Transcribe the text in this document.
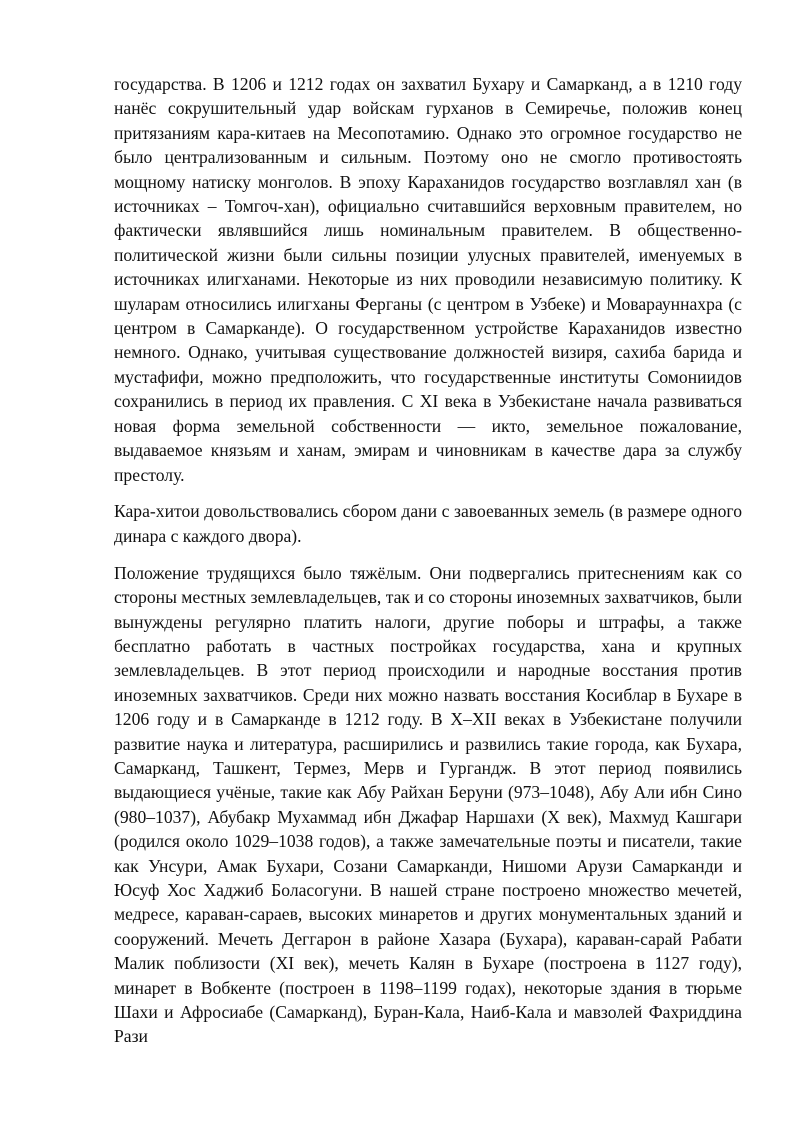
государства. В 1206 и 1212 годах он захватил Бухару и Самарканд, а в 1210 году нанёс сокрушительный удар войскам гурханов в Семиречье, положив конец притязаниям кара-китаев на Месопотамию. Однако это огромное государство не было централизованным и сильным. Поэтому оно не смогло противостоять мощному натиску монголов. В эпоху Караханидов государство возглавлял хан (в источниках – Томгоч-хан), официально считавшийся верховным правителем, но фактически являвшийся лишь номинальным правителем. В общественно-политической жизни были сильны позиции улусных правителей, именуемых в источниках илигханами. Некоторые из них проводили независимую политику. К шуларам относились илигханы Ферганы (с центром в Узбеке) и Моварауннахра (с центром в Самарканде). О государственном устройстве Караханидов известно немного. Однако, учитывая существование должностей визиря, сахиба барида и мустафифи, можно предположить, что государственные институты Сомониидов сохранились в период их правления. С XI века в Узбекистане начала развиваться новая форма земельной собственности — икто, земельное пожалование, выдаваемое князьям и ханам, эмирам и чиновникам в качестве дара за службу престолу.

Кара-хитои довольствовались сбором дани с завоеванных земель (в размере одного динара с каждого двора).

Положение трудящихся было тяжёлым. Они подвергались притеснениям как со стороны местных землевладельцев, так и со стороны иноземных захватчиков, были вынуждены регулярно платить налоги, другие поборы и штрафы, а также бесплатно работать в частных постройках государства, хана и крупных землевладельцев. В этот период происходили и народные восстания против иноземных захватчиков. Среди них можно назвать восстания Косиблар в Бухаре в 1206 году и в Самарканде в 1212 году. В X–XII веках в Узбекистане получили развитие наука и литература, расширились и развились такие города, как Бухара, Самарканд, Ташкент, Термез, Мерв и Гургандж. В этот период появились выдающиеся учёные, такие как Абу Райхан Беруни (973–1048), Абу Али ибн Сино (980–1037), Абубакр Мухаммад ибн Джафар Наршахи (X век), Махмуд Кашгари (родился около 1029–1038 годов), а также замечательные поэты и писатели, такие как Унсури, Амак Бухари, Созани Самарканди, Нишоми Арузи Самарканди и Юсуф Хос Хаджиб Боласогуни. В нашей стране построено множество мечетей, медресе, караван-сараев, высоких минаретов и других монументальных зданий и сооружений. Мечеть Деггарон в районе Хазара (Бухара), караван-сарай Рабати Малик поблизости (XI век), мечеть Калян в Бухаре (построена в 1127 году), минарет в Вобкенте (построен в 1198–1199 годах), некоторые здания в тюрьме Шахи и Афросиабе (Самарканд), Буран-Кала, Наиб-Кала и мавзолей Фахриддина Рази
